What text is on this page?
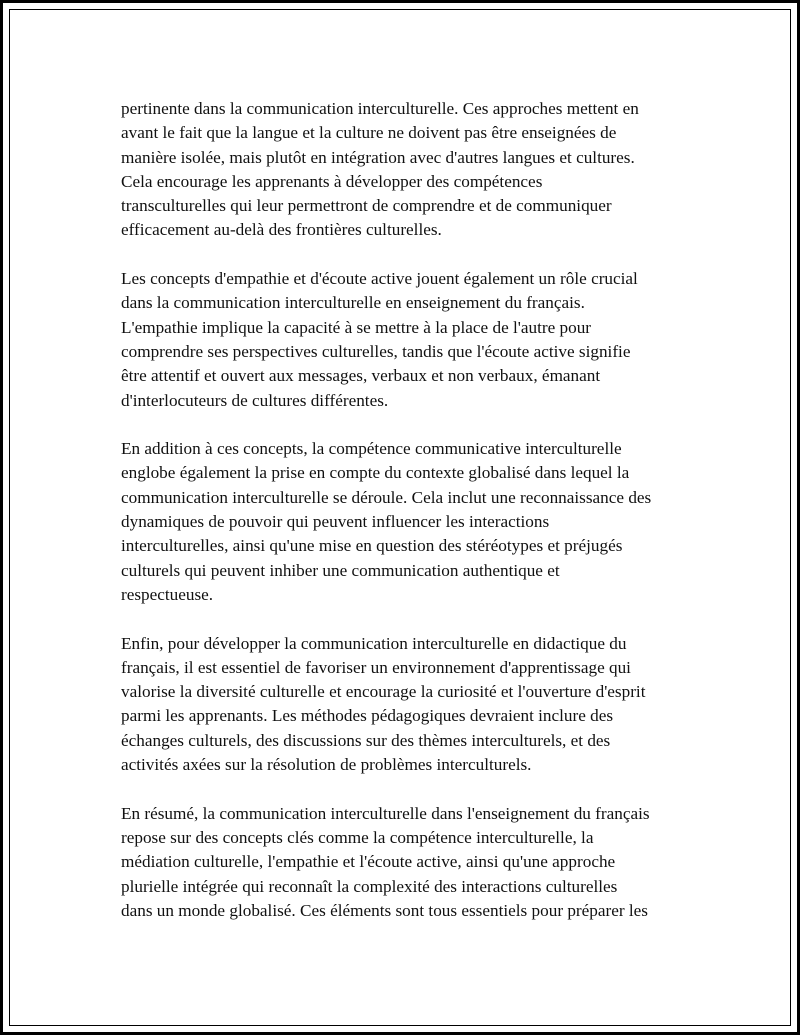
pertinente dans la communication interculturelle. Ces approches mettent en
avant le fait que la langue et la culture ne doivent pas être enseignées de
manière isolée, mais plutôt en intégration avec d'autres langues et cultures.
Cela encourage les apprenants à développer des compétences
transculturelles qui leur permettront de comprendre et de communiquer
efficacement au-delà des frontières culturelles.

Les concepts d'empathie et d'écoute active jouent également un rôle crucial
dans la communication interculturelle en enseignement du français.
L'empathie implique la capacité à se mettre à la place de l'autre pour
comprendre ses perspectives culturelles, tandis que l'écoute active signifie
être attentif et ouvert aux messages, verbaux et non verbaux, émanant
d'interlocuteurs de cultures différentes.

En addition à ces concepts, la compétence communicative interculturelle
englobe également la prise en compte du contexte globalisé dans lequel la
communication interculturelle se déroule. Cela inclut une reconnaissance des
dynamiques de pouvoir qui peuvent influencer les interactions
interculturelles, ainsi qu'une mise en question des stéréotypes et préjugés
culturels qui peuvent inhiber une communication authentique et
respectueuse.

Enfin, pour développer la communication interculturelle en didactique du
français, il est essentiel de favoriser un environnement d'apprentissage qui
valorise la diversité culturelle et encourage la curiosité et l'ouverture d'esprit
parmi les apprenants. Les méthodes pédagogiques devraient inclure des
échanges culturels, des discussions sur des thèmes interculturels, et des
activités axées sur la résolution de problèmes interculturels.

En résumé, la communication interculturelle dans l'enseignement du français
repose sur des concepts clés comme la compétence interculturelle, la
médiation culturelle, l'empathie et l'écoute active, ainsi qu'une approche
plurielle intégrée qui reconnaît la complexité des interactions culturelles
dans un monde globalisé. Ces éléments sont tous essentiels pour préparer les
